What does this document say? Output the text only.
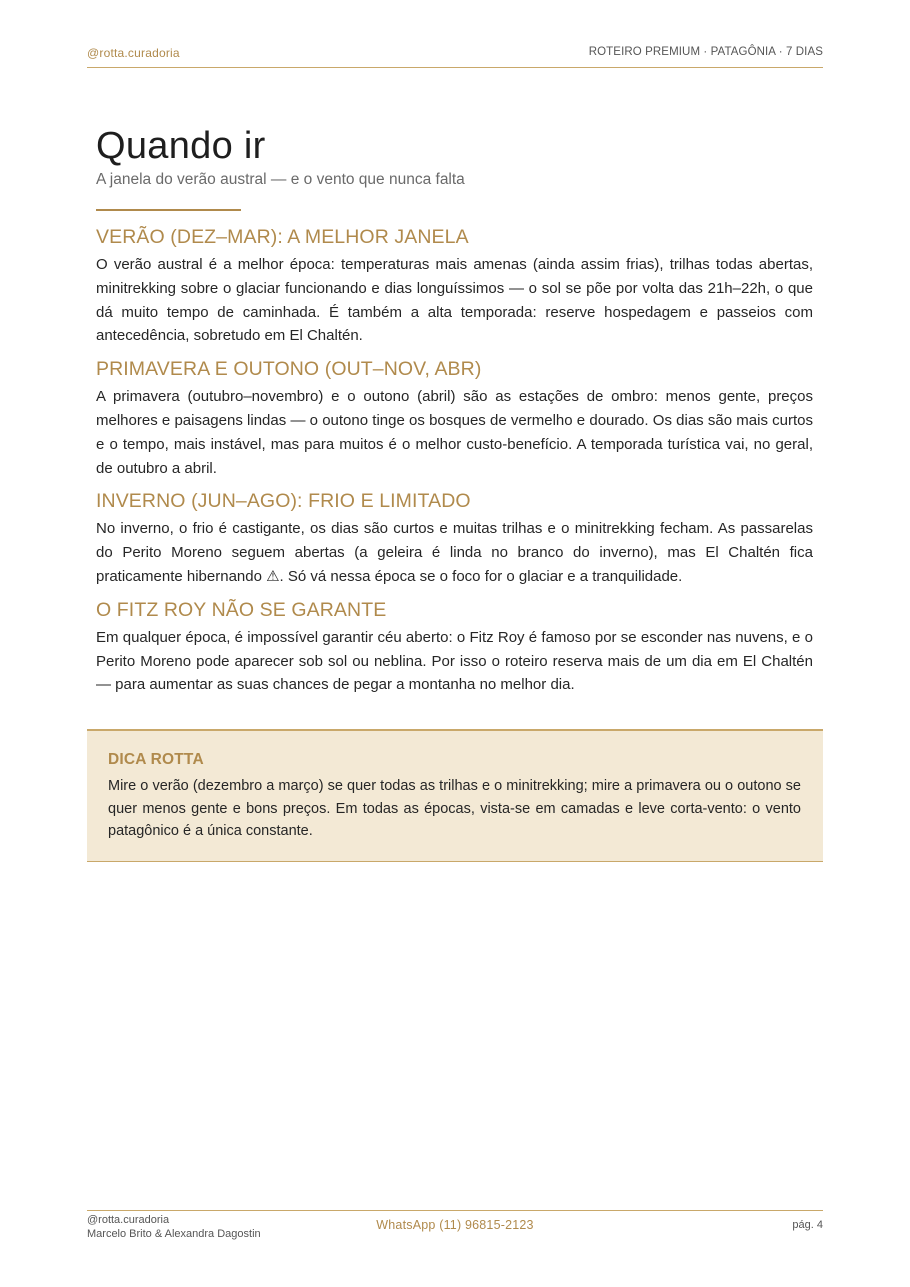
@rotta.curadoria	ROTEIRO PREMIUM · PATAGÔNIA · 7 DIAS
Quando ir

A janela do verão austral — e o vento que nunca falta

VERÃO (DEZ–MAR): A MELHOR JANELA

O verão austral é a melhor época: temperaturas mais amenas (ainda assim frias), trilhas todas abertas, minitrekking sobre o glaciar funcionando e dias longuíssimos — o sol se põe por volta das 21h–22h, o que dá muito tempo de caminhada. É também a alta temporada: reserve hospedagem e passeios com antecedência, sobretudo em El Chaltén.

PRIMAVERA E OUTONO (OUT–NOV, ABR)

A primavera (outubro–novembro) e o outono (abril) são as estações de ombro: menos gente, preços melhores e paisagens lindas — o outono tinge os bosques de vermelho e dourado. Os dias são mais curtos e o tempo, mais instável, mas para muitos é o melhor custo-benefício. A temporada turística vai, no geral, de outubro a abril.

INVERNO (JUN–AGO): FRIO E LIMITADO

No inverno, o frio é castigante, os dias são curtos e muitas trilhas e o minitrekking fecham. As passarelas do Perito Moreno seguem abertas (a geleira é linda no branco do inverno), mas El Chaltén fica praticamente hibernando ⚠. Só vá nessa época se o foco for o glaciar e a tranquilidade.

O FITZ ROY NÃO SE GARANTE

Em qualquer época, é impossível garantir céu aberto: o Fitz Roy é famoso por se esconder nas nuvens, e o Perito Moreno pode aparecer sob sol ou neblina. Por isso o roteiro reserva mais de um dia em El Chaltén — para aumentar as suas chances de pegar a montanha no melhor dia.

DICA ROTTA

Mire o verão (dezembro a março) se quer todas as trilhas e o minitrekking; mire a primavera ou o outono se quer menos gente e bons preços. Em todas as épocas, vista-se em camadas e leve corta-vento: o vento patagônico é a única constante.

@rotta.curadoria
Marcelo Brito & Alexandra Dagostin
WhatsApp (11) 96815-2123	pág. 4
